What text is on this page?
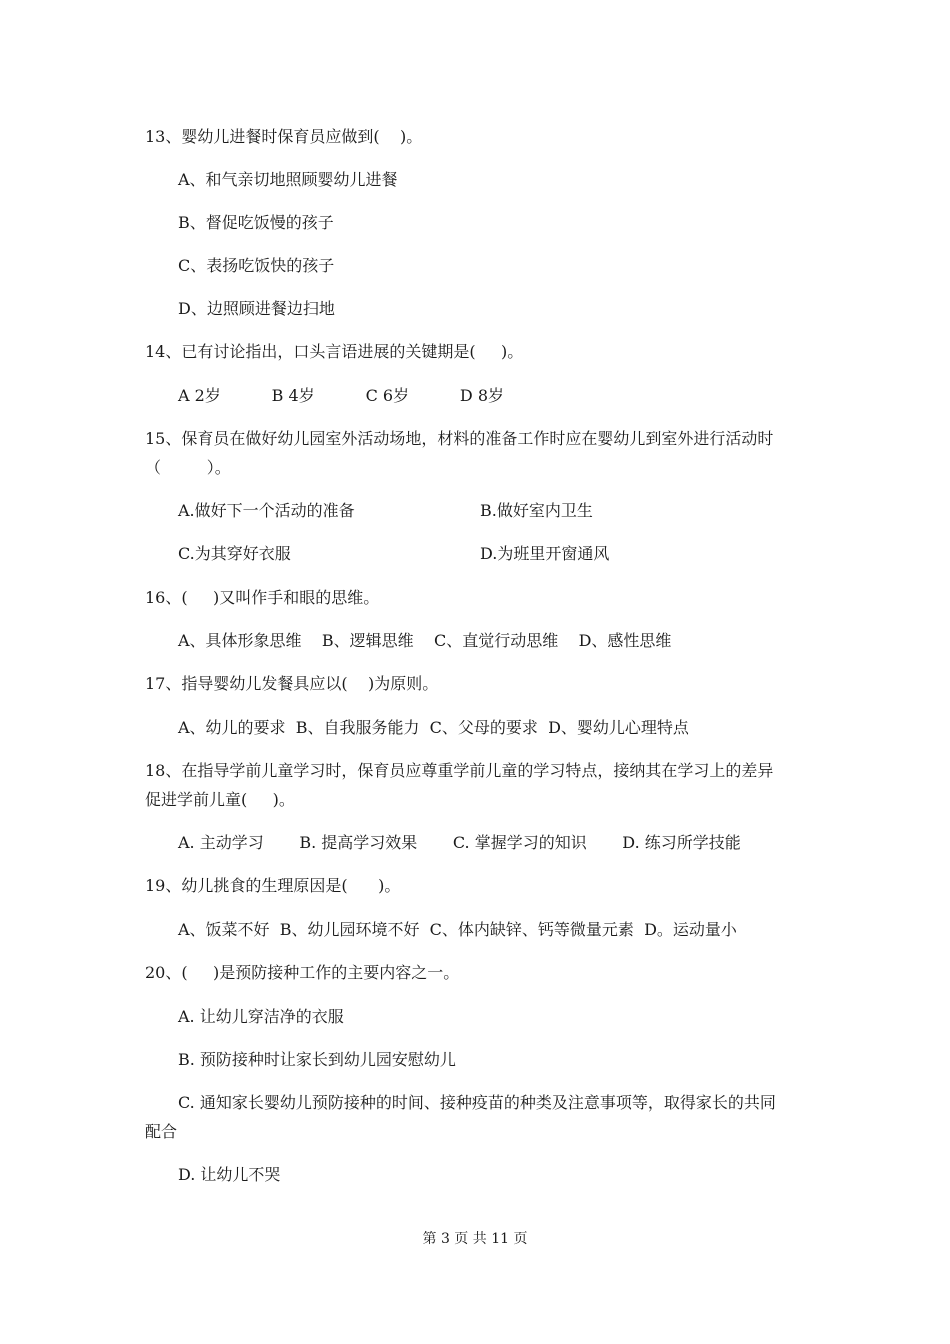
13、婴幼儿进餐时保育员应做到(    )。
A、和气亲切地照顾婴幼儿进餐
B、督促吃饭慢的孩子
C、表扬吃饭快的孩子
D、边照顾进餐边扫地
14、已有讨论指出，口头言语进展的关键期是(     )。
A 2岁          B 4岁          C 6岁          D 8岁
15、保育员在做好幼儿园室外活动场地，材料的准备工作时应在婴幼儿到室外进行活动时
（         ）。
A.做好下一个活动的准备	B.做好室内卫生
C.为其穿好衣服	D.为班里开窗通风
16、(     )又叫作手和眼的思维。
A、具体形象思维    B、逻辑思维    C、直觉行动思维    D、感性思维
17、指导婴幼儿发餐具应以(    )为原则。
A、幼儿的要求  B、自我服务能力  C、父母的要求  D、婴幼儿心理特点
18、在指导学前儿童学习时，保育员应尊重学前儿童的学习特点，接纳其在学习上的差异
促进学前儿童(     )。
A. 主动学习       B. 提高学习效果       C. 掌握学习的知识       D. 练习所学技能
19、幼儿挑食的生理原因是(      )。
A、饭菜不好  B、幼儿园环境不好  C、体内缺锌、钙等微量元素  D。运动量小
20、(     )是预防接种工作的主要内容之一。
A. 让幼儿穿洁净的衣服
B. 预防接种时让家长到幼儿园安慰幼儿
C. 通知家长婴幼儿预防接种的时间、接种疫苗的种类及注意事项等，取得家长的共同
配合
D. 让幼儿不哭
第 3 页 共 11 页
